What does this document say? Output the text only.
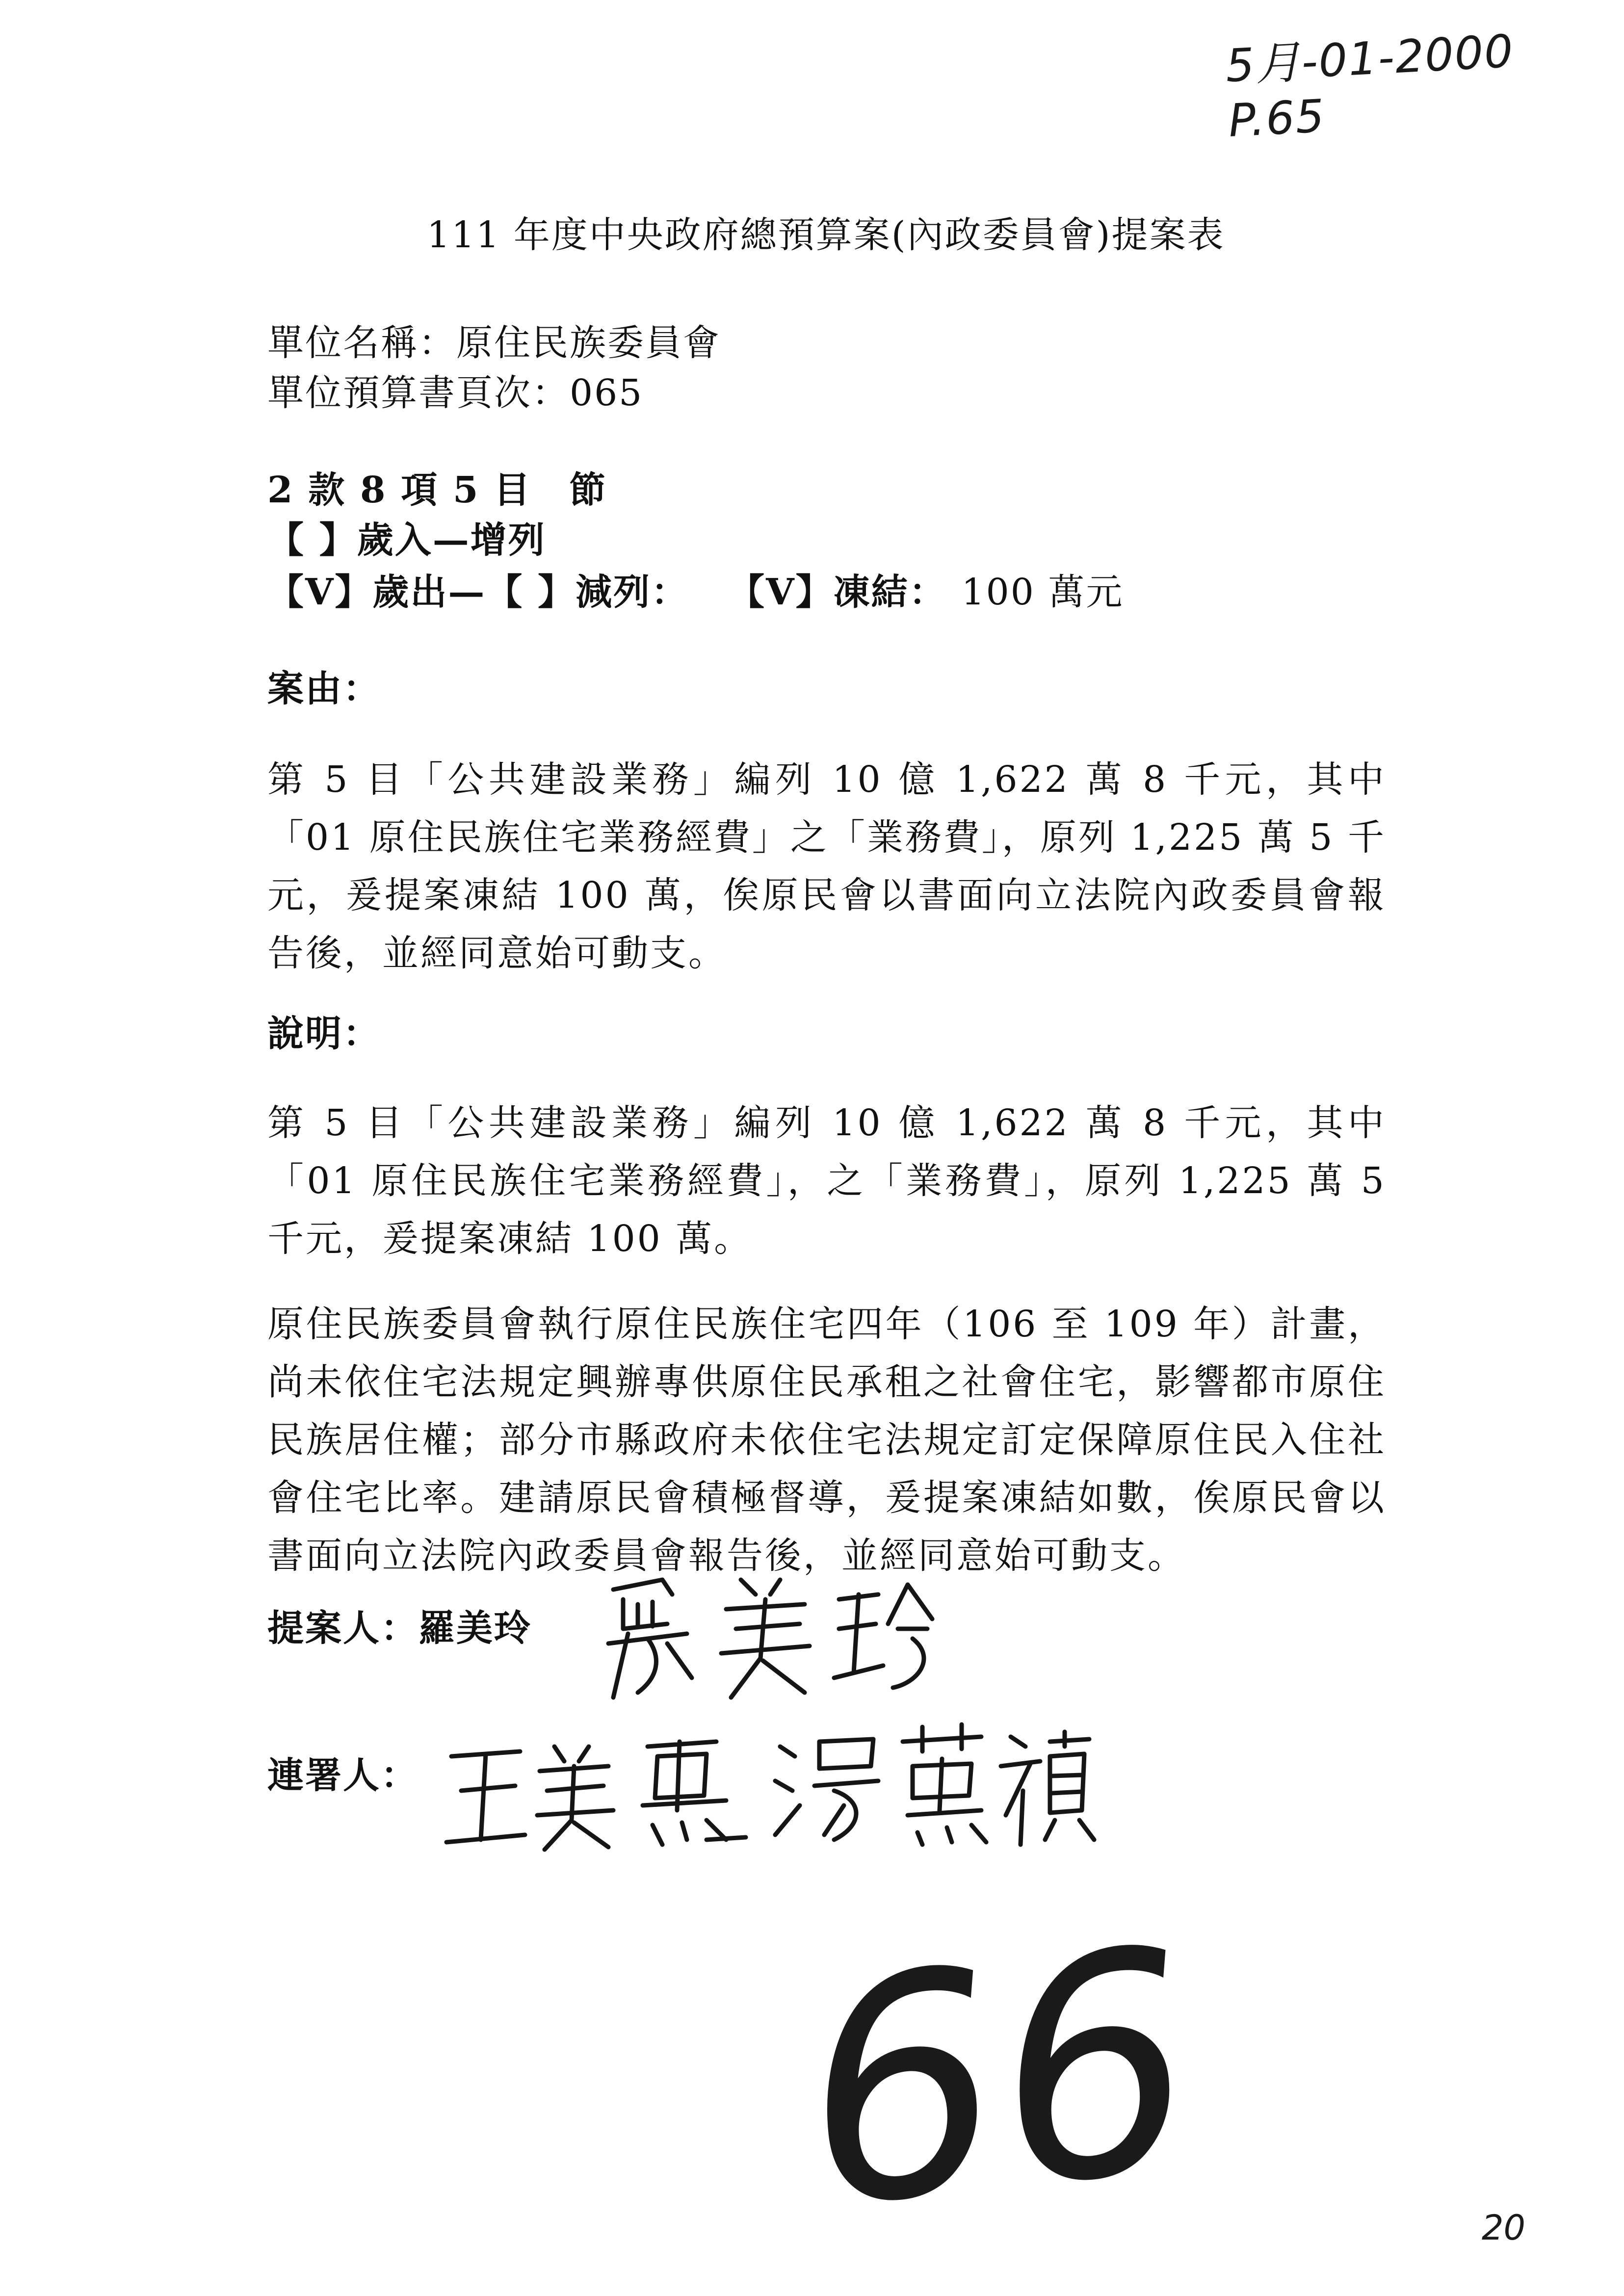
5月-01-2000 P.65
111 年度中央政府總預算案(內政委員會)提案表
單位名稱：原住民族委員會
單位預算書頁次：065
2 款 8 項 5 目　節
【 】歲入—增列
【V】歲出—【 】減列：　　【V】凍結： 100 萬元
案由：
第 5 目「公共建設業務」編列 10 億 1,622 萬 8 千元，其中「01 原住民族住宅業務經費」之「業務費」，原列 1,225 萬 5 千元，爰提案凍結 100 萬，俟原民會以書面向立法院內政委員會報告後，並經同意始可動支。
說明：
第 5 目「公共建設業務」編列 10 億 1,622 萬 8 千元，其中「01 原住民族住宅業務經費」，之「業務費」，原列 1,225 萬 5 千元，爰提案凍結 100 萬。
原住民族委員會執行原住民族住宅四年（106 至 109 年）計畫， 尚未依住宅法規定興辦專供原住民承租之社會住宅，影響都市原住民族居住權；部分市縣政府未依住宅法規定訂定保障原住民入住社會住宅比率。建請原民會積極督導，爰提案凍結如數，俟原民會以書面向立法院內政委員會報告後，並經同意始可動支。
提案人：羅美玲
連署人：
66	20
